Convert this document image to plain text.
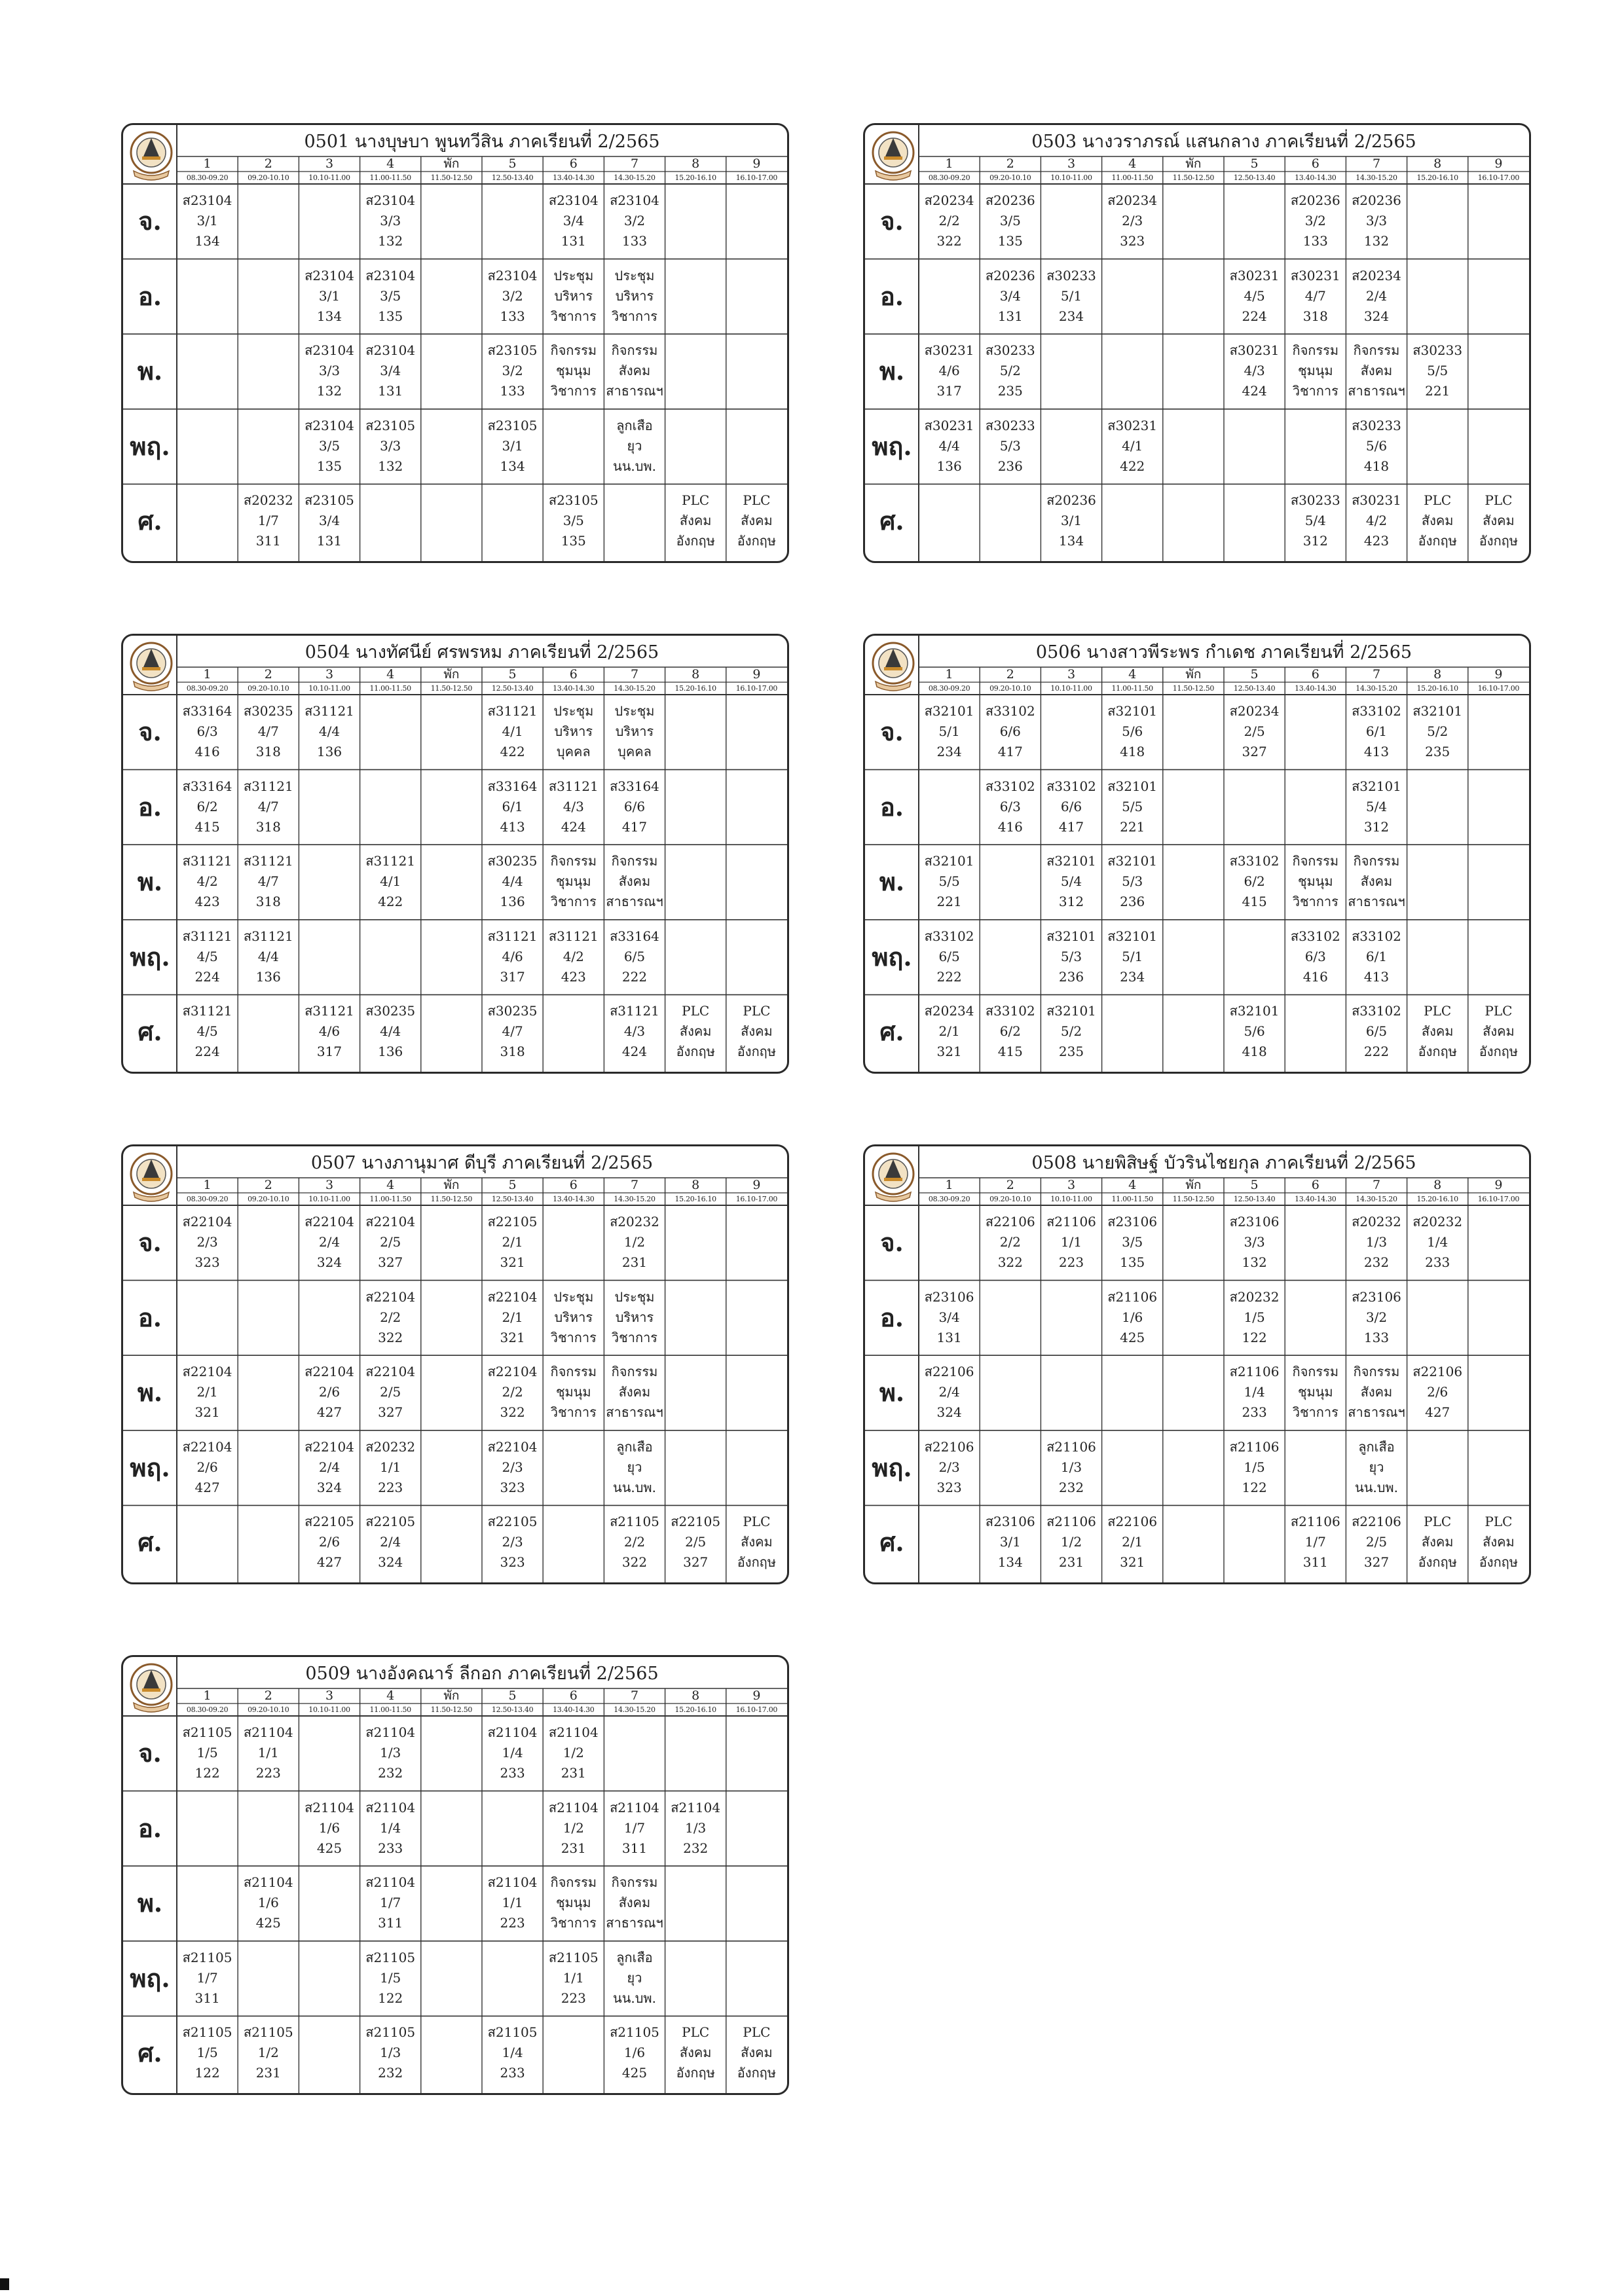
0501 นางบุษบา พูนทวีสิน ภาคเรียนที่ 2/2565
1
08.30-09.20
2
09.20-10.10
3
10.10-11.00
4
11.00-11.50
พัก
11.50-12.50
5
12.50-13.40
6
13.40-14.30
7
14.30-15.20
8
15.20-16.10
9
16.10-17.00
จ.
ส23104
3/1
134
ส23104
3/3
132
ส23104
3/4
131
ส23104
3/2
133
อ.
ส23104
3/1
134
ส23104
3/5
135
ส23104
3/2
133
ประชุม
บริหาร
วิชาการ
ประชุม
บริหาร
วิชาการ
พ.
ส23104
3/3
132
ส23104
3/4
131
ส23105
3/2
133
กิจกรรม
ชุมนุม
วิชาการ
กิจกรรม
สังคม
สาธารณฯ
พฤ.
ส23104
3/5
135
ส23105
3/3
132
ส23105
3/1
134
ลูกเสือ
ยุว
นน.บพ.
ศ.
ส20232
1/7
311
ส23105
3/4
131
ส23105
3/5
135
PLC
สังคม
อังกฤษ
PLC
สังคม
อังกฤษ
0503 นางวราภรณ์ แสนกลาง ภาคเรียนที่ 2/2565
1
08.30-09.20
2
09.20-10.10
3
10.10-11.00
4
11.00-11.50
พัก
11.50-12.50
5
12.50-13.40
6
13.40-14.30
7
14.30-15.20
8
15.20-16.10
9
16.10-17.00
จ.
ส20234
2/2
322
ส20236
3/5
135
ส20234
2/3
323
ส20236
3/2
133
ส20236
3/3
132
อ.
ส20236
3/4
131
ส30233
5/1
234
ส30231
4/5
224
ส30231
4/7
318
ส20234
2/4
324
พ.
ส30231
4/6
317
ส30233
5/2
235
ส30231
4/3
424
กิจกรรม
ชุมนุม
วิชาการ
กิจกรรม
สังคม
สาธารณฯ
ส30233
5/5
221
พฤ.
ส30231
4/4
136
ส30233
5/3
236
ส30231
4/1
422
ส30233
5/6
418
ศ.
ส20236
3/1
134
ส30233
5/4
312
ส30231
4/2
423
PLC
สังคม
อังกฤษ
PLC
สังคม
อังกฤษ
0504 นางทัศนีย์ ศรพรหม ภาคเรียนที่ 2/2565
1
08.30-09.20
2
09.20-10.10
3
10.10-11.00
4
11.00-11.50
พัก
11.50-12.50
5
12.50-13.40
6
13.40-14.30
7
14.30-15.20
8
15.20-16.10
9
16.10-17.00
จ.
ส33164
6/3
416
ส30235
4/7
318
ส31121
4/4
136
ส31121
4/1
422
ประชุม
บริหาร
บุคคล
ประชุม
บริหาร
บุคคล
อ.
ส33164
6/2
415
ส31121
4/7
318
ส33164
6/1
413
ส31121
4/3
424
ส33164
6/6
417
พ.
ส31121
4/2
423
ส31121
4/7
318
ส31121
4/1
422
ส30235
4/4
136
กิจกรรม
ชุมนุม
วิชาการ
กิจกรรม
สังคม
สาธารณฯ
พฤ.
ส31121
4/5
224
ส31121
4/4
136
ส31121
4/6
317
ส31121
4/2
423
ส33164
6/5
222
ศ.
ส31121
4/5
224
ส31121
4/6
317
ส30235
4/4
136
ส30235
4/7
318
ส31121
4/3
424
PLC
สังคม
อังกฤษ
PLC
สังคม
อังกฤษ
0506 นางสาวพีระพร กำเดช ภาคเรียนที่ 2/2565
1
08.30-09.20
2
09.20-10.10
3
10.10-11.00
4
11.00-11.50
พัก
11.50-12.50
5
12.50-13.40
6
13.40-14.30
7
14.30-15.20
8
15.20-16.10
9
16.10-17.00
จ.
ส32101
5/1
234
ส33102
6/6
417
ส32101
5/6
418
ส20234
2/5
327
ส33102
6/1
413
ส32101
5/2
235
อ.
ส33102
6/3
416
ส33102
6/6
417
ส32101
5/5
221
ส32101
5/4
312
พ.
ส32101
5/5
221
ส32101
5/4
312
ส32101
5/3
236
ส33102
6/2
415
กิจกรรม
ชุมนุม
วิชาการ
กิจกรรม
สังคม
สาธารณฯ
พฤ.
ส33102
6/5
222
ส32101
5/3
236
ส32101
5/1
234
ส33102
6/3
416
ส33102
6/1
413
ศ.
ส20234
2/1
321
ส33102
6/2
415
ส32101
5/2
235
ส32101
5/6
418
ส33102
6/5
222
PLC
สังคม
อังกฤษ
PLC
สังคม
อังกฤษ
0507 นางภานุมาศ ดีบุรี ภาคเรียนที่ 2/2565
1
08.30-09.20
2
09.20-10.10
3
10.10-11.00
4
11.00-11.50
พัก
11.50-12.50
5
12.50-13.40
6
13.40-14.30
7
14.30-15.20
8
15.20-16.10
9
16.10-17.00
จ.
ส22104
2/3
323
ส22104
2/4
324
ส22104
2/5
327
ส22105
2/1
321
ส20232
1/2
231
อ.
ส22104
2/2
322
ส22104
2/1
321
ประชุม
บริหาร
วิชาการ
ประชุม
บริหาร
วิชาการ
พ.
ส22104
2/1
321
ส22104
2/6
427
ส22104
2/5
327
ส22104
2/2
322
กิจกรรม
ชุมนุม
วิชาการ
กิจกรรม
สังคม
สาธารณฯ
พฤ.
ส22104
2/6
427
ส22104
2/4
324
ส20232
1/1
223
ส22104
2/3
323
ลูกเสือ
ยุว
นน.บพ.
ศ.
ส22105
2/6
427
ส22105
2/4
324
ส22105
2/3
323
ส21105
2/2
322
ส22105
2/5
327
PLC
สังคม
อังกฤษ
0508 นายพิสิษฐ์ บัวรินไชยกุล ภาคเรียนที่ 2/2565
1
08.30-09.20
2
09.20-10.10
3
10.10-11.00
4
11.00-11.50
พัก
11.50-12.50
5
12.50-13.40
6
13.40-14.30
7
14.30-15.20
8
15.20-16.10
9
16.10-17.00
จ.
ส22106
2/2
322
ส21106
1/1
223
ส23106
3/5
135
ส23106
3/3
132
ส20232
1/3
232
ส20232
1/4
233
อ.
ส23106
3/4
131
ส21106
1/6
425
ส20232
1/5
122
ส23106
3/2
133
พ.
ส22106
2/4
324
ส21106
1/4
233
กิจกรรม
ชุมนุม
วิชาการ
กิจกรรม
สังคม
สาธารณฯ
ส22106
2/6
427
พฤ.
ส22106
2/3
323
ส21106
1/3
232
ส21106
1/5
122
ลูกเสือ
ยุว
นน.บพ.
ศ.
ส23106
3/1
134
ส21106
1/2
231
ส22106
2/1
321
ส21106
1/7
311
ส22106
2/5
327
PLC
สังคม
อังกฤษ
PLC
สังคม
อังกฤษ
0509 นางอังคณาร์ ลีกอก ภาคเรียนที่ 2/2565
1
08.30-09.20
2
09.20-10.10
3
10.10-11.00
4
11.00-11.50
พัก
11.50-12.50
5
12.50-13.40
6
13.40-14.30
7
14.30-15.20
8
15.20-16.10
9
16.10-17.00
จ.
ส21105
1/5
122
ส21104
1/1
223
ส21104
1/3
232
ส21104
1/4
233
ส21104
1/2
231
อ.
ส21104
1/6
425
ส21104
1/4
233
ส21104
1/2
231
ส21104
1/7
311
ส21104
1/3
232
พ.
ส21104
1/6
425
ส21104
1/7
311
ส21104
1/1
223
กิจกรรม
ชุมนุม
วิชาการ
กิจกรรม
สังคม
สาธารณฯ
พฤ.
ส21105
1/7
311
ส21105
1/5
122
ส21105
1/1
223
ลูกเสือ
ยุว
นน.บพ.
ศ.
ส21105
1/5
122
ส21105
1/2
231
ส21105
1/3
232
ส21105
1/4
233
ส21105
1/6
425
PLC
สังคม
อังกฤษ
PLC
สังคม
อังกฤษ
